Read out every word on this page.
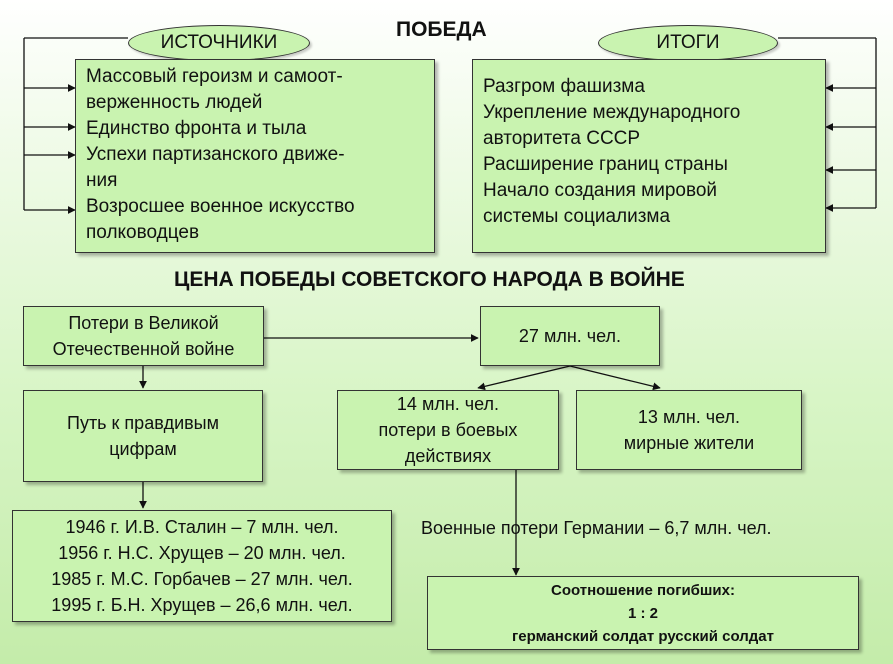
ПОБЕДА
ИСТОЧНИКИ	ИТОГИ
Массовый героизм и самоот-
верженность людей
Единство фронта и тыла
Успехи партизанского движе-
ния
Возросшее военное искусство
полководцев
Разгром фашизма
Укрепление международного
авторитета СССР
Расширение границ страны
Начало создания мировой
системы социализма
ЦЕНА ПОБЕДЫ СОВЕТСКОГО НАРОДА В ВОЙНЕ
Потери в Великой
Отечественной войне
27 млн. чел.
Путь к правдивым
цифрам
14 млн. чел.
потери в боевых
действиях
13 млн. чел.
мирные жители
1946 г. И.В. Сталин – 7 млн. чел.
1956 г. Н.С. Хрущев – 20 млн. чел.
1985 г. М.С. Горбачев – 27 млн. чел.
1995 г. Б.Н. Хрущев – 26,6 млн. чел.
Военные потери Германии – 6,7 млн. чел.
Соотношение погибших:
1 : 2
германский солдат русский солдат
